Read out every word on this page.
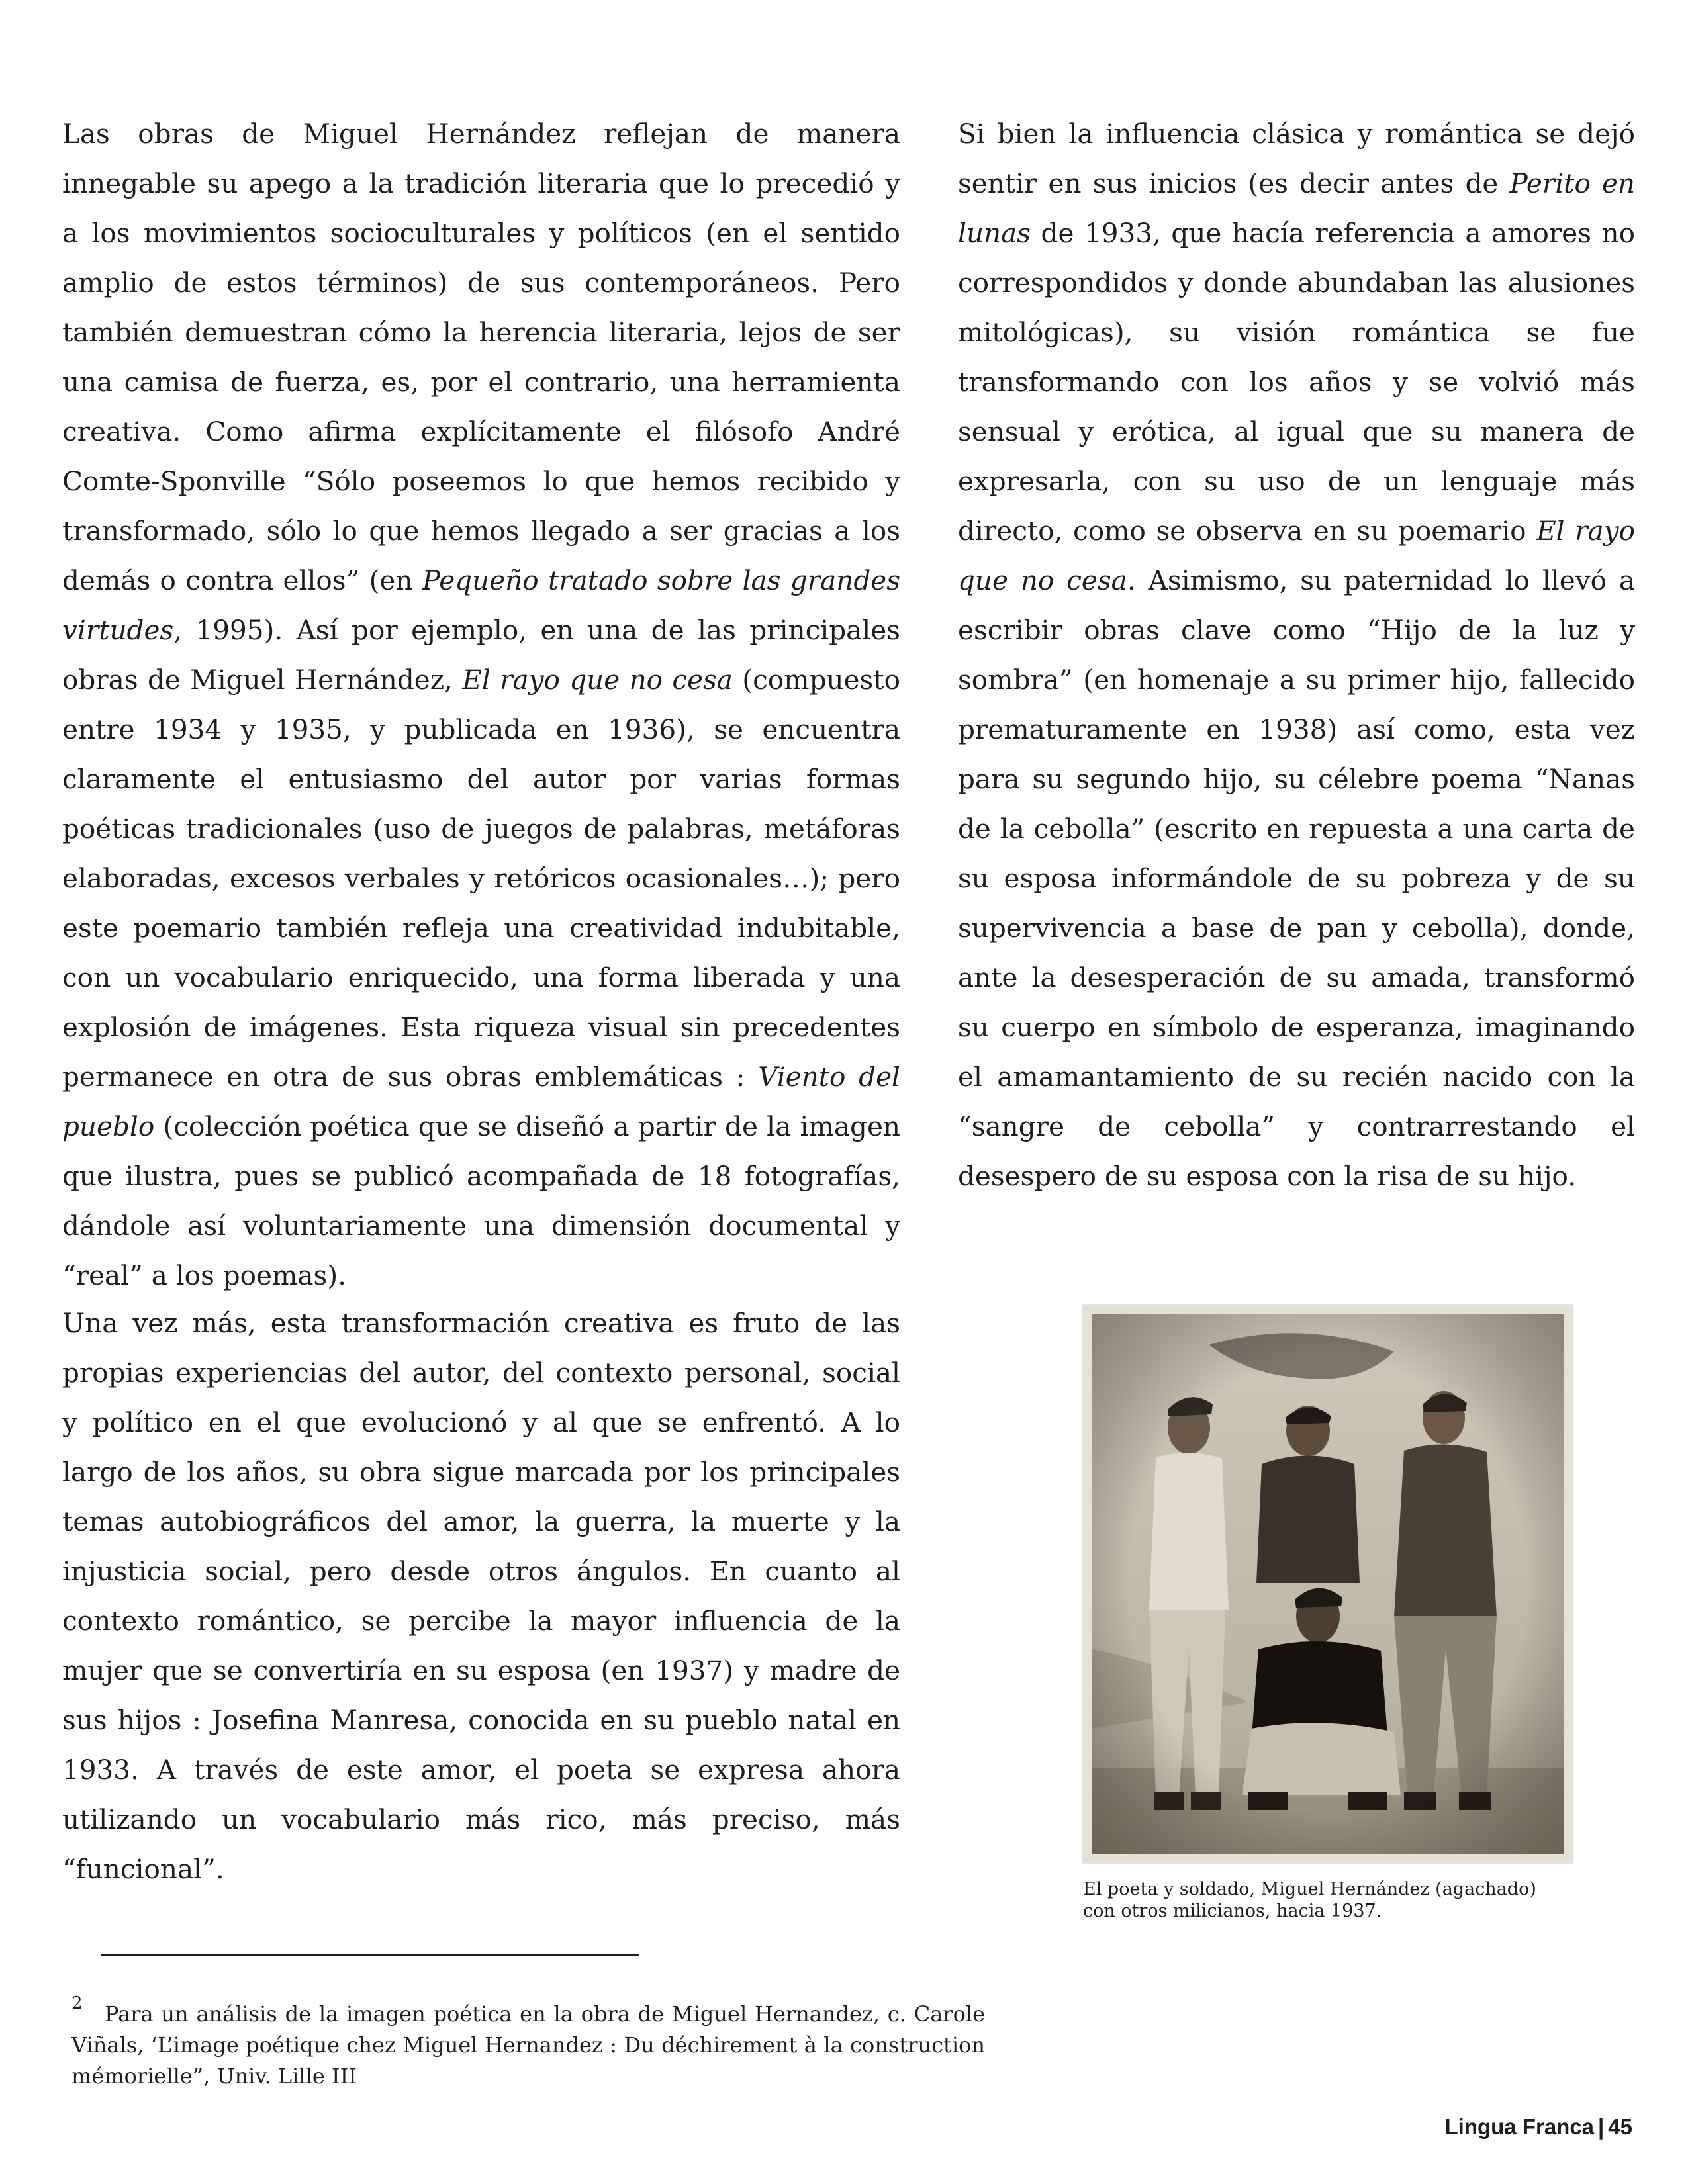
Las obras de Miguel Hernández reflejan de manera innegable su apego a la tradición literaria que lo precedió y a los movimientos socioculturales y políticos (en el sentido amplio de estos términos) de sus contemporáneos. Pero también demuestran cómo la herencia literaria, lejos de ser una camisa de fuerza, es, por el contrario, una herramienta creativa. Como afirma explícitamente el filósofo André Comte-Sponville “Sólo poseemos lo que hemos recibido y transformado, sólo lo que hemos llegado a ser gracias a los demás o contra ellos” (en Pequeño tratado sobre las grandes virtudes, 1995). Así por ejemplo, en una de las principales obras de Miguel Hernández, El rayo que no cesa (compuesto entre 1934 y 1935, y publicada en 1936), se encuentra claramente el entusiasmo del autor por varias formas poéticas tradicionales (uso de juegos de palabras, metáforas elaboradas, excesos verbales y retóricos ocasionales…); pero este poemario también refleja una creatividad indubitable, con un vocabulario enriquecido, una forma liberada y una explosión de imágenes. Esta riqueza visual sin precedentes permanece en otra de sus obras emblemáticas : Viento del pueblo (colección poética que se diseñó a partir de la imagen que ilustra, pues se publicó acompañada de 18 fotografías, dándole así voluntariamente una dimensión documental y “real” a los poemas).

Una vez más, esta transformación creativa es fruto de las propias experiencias del autor, del contexto personal, social y político en el que evolucionó y al que se enfrentó. A lo largo de los años, su obra sigue marcada por los principales temas autobiográficos del amor, la guerra, la muerte y la injusticia social, pero desde otros ángulos. En cuanto al contexto romántico, se percibe la mayor influencia de la mujer que se convertiría en su esposa (en 1937) y madre de sus hijos : Josefina Manresa, conocida en su pueblo natal en 1933. A través de este amor, el poeta se expresa ahora utilizando un vocabulario más rico, más preciso, más “funcional”.

Si bien la influencia clásica y romántica se dejó sentir en sus inicios (es decir antes de Perito en lunas de 1933, que hacía referencia a amores no correspondidos y donde abundaban las alusiones mitológicas), su visión romántica se fue transformando con los años y se volvió más sensual y erótica, al igual que su manera de expresarla, con su uso de un lenguaje más directo, como se observa en su poemario El rayo que no cesa. Asimismo, su paternidad lo llevó a escribir obras clave como “Hijo de la luz y sombra” (en homenaje a su primer hijo, fallecido prematuramente en 1938) así como, esta vez para su segundo hijo, su célebre poema “Nanas de la cebolla” (escrito en repuesta a una carta de su esposa informándole de su pobreza y de su supervivencia a base de pan y cebolla), donde, ante la desesperación de su amada, transformó su cuerpo en símbolo de esperanza, imaginando el amamantamiento de su recién nacido con la “sangre de cebolla” y contrarrestando el desespero de su esposa con la risa de su hijo.

El poeta y soldado, Miguel Hernández (agachado)
con otros milicianos, hacia 1937.
2	Para un análisis de la imagen poética en la obra de Miguel Hernandez, c. Carole Viñals, ‘L’image poétique chez Miguel Hernandez : Du déchirement à la construction mémorielle”, Univ. Lille III

Lingua Franca | 45
